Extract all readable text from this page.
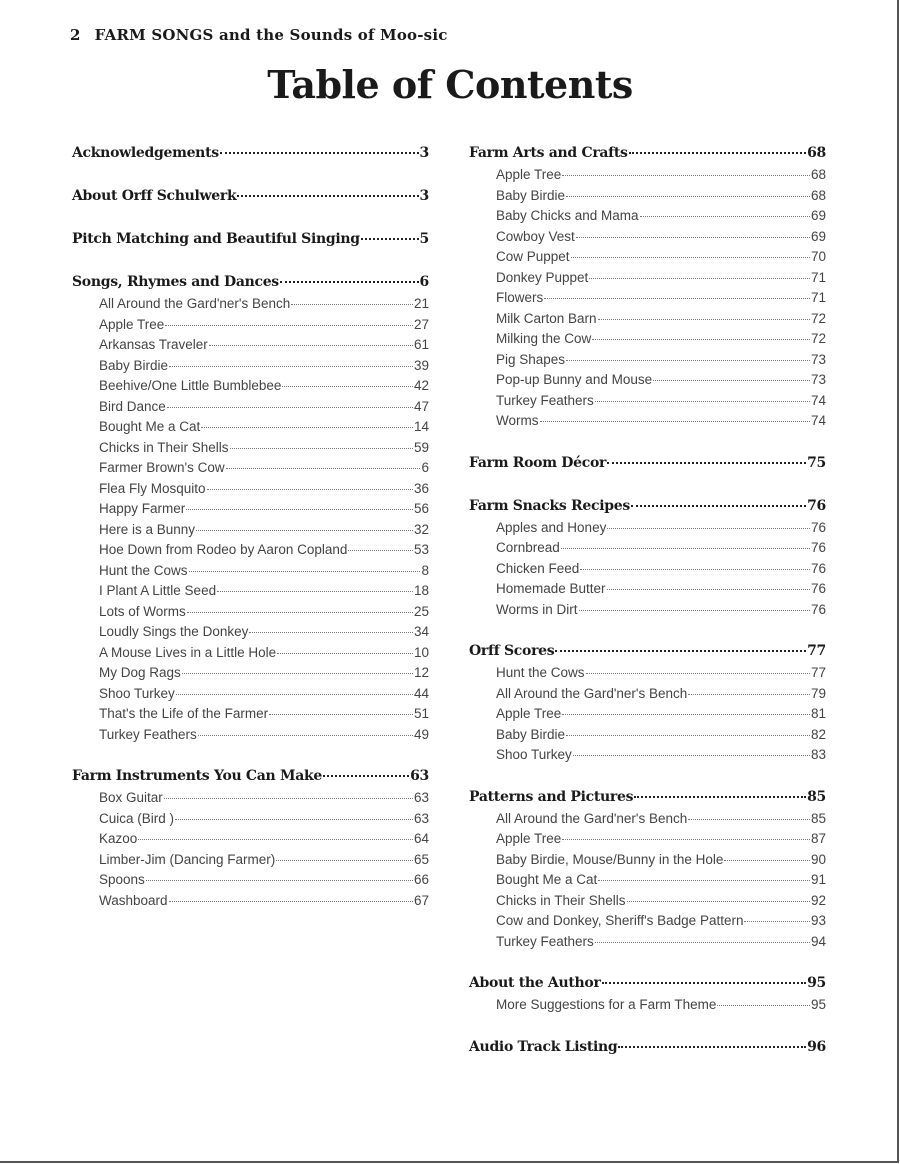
2 FARM SONGS and the Sounds of Moo-sic
Table of Contents
Acknowledgements	3
About Orff Schulwerk	3
Pitch Matching and Beautiful Singing	5
Songs, Rhymes and Dances	6
All Around the Gard'ner's Bench	21
Apple Tree	27
Arkansas Traveler	61
Baby Birdie	39
Beehive/One Little Bumblebee	42
Bird Dance	47
Bought Me a Cat	14
Chicks in Their Shells	59
Farmer Brown's Cow	6
Flea Fly Mosquito	36
Happy Farmer	56
Here is a Bunny	32
Hoe Down from Rodeo by Aaron Copland	53
Hunt the Cows	8
I Plant A Little Seed	18
Lots of Worms	25
Loudly Sings the Donkey	34
A Mouse Lives in a Little Hole	10
My Dog Rags	12
Shoo Turkey	44
That's the Life of the Farmer	51
Turkey Feathers	49
Farm Instruments You Can Make	63
Box Guitar	63
Cuica (Bird )	63
Kazoo	64
Limber-Jim (Dancing Farmer)	65
Spoons	66
Washboard	67
Farm Arts and Crafts	68
Apple Tree	68
Baby Birdie	68
Baby Chicks and Mama	69
Cowboy Vest	69
Cow Puppet	70
Donkey Puppet	71
Flowers	71
Milk Carton Barn	72
Milking the Cow	72
Pig Shapes	73
Pop-up Bunny and Mouse	73
Turkey Feathers	74
Worms	74
Farm Room Décor	75
Farm Snacks Recipes	76
Apples and Honey	76
Cornbread	76
Chicken Feed	76
Homemade Butter	76
Worms in Dirt	76
Orff Scores	77
Hunt the Cows	77
All Around the Gard'ner's Bench	79
Apple Tree	81
Baby Birdie	82
Shoo Turkey	83
Patterns and Pictures	85
All Around the Gard'ner's Bench	85
Apple Tree	87
Baby Birdie, Mouse/Bunny in the Hole	90
Bought Me a Cat	91
Chicks in Their Shells	92
Cow and Donkey, Sheriff's Badge Pattern	93
Turkey Feathers	94
About the Author	95
More Suggestions for a Farm Theme	95
Audio Track Listing	96
